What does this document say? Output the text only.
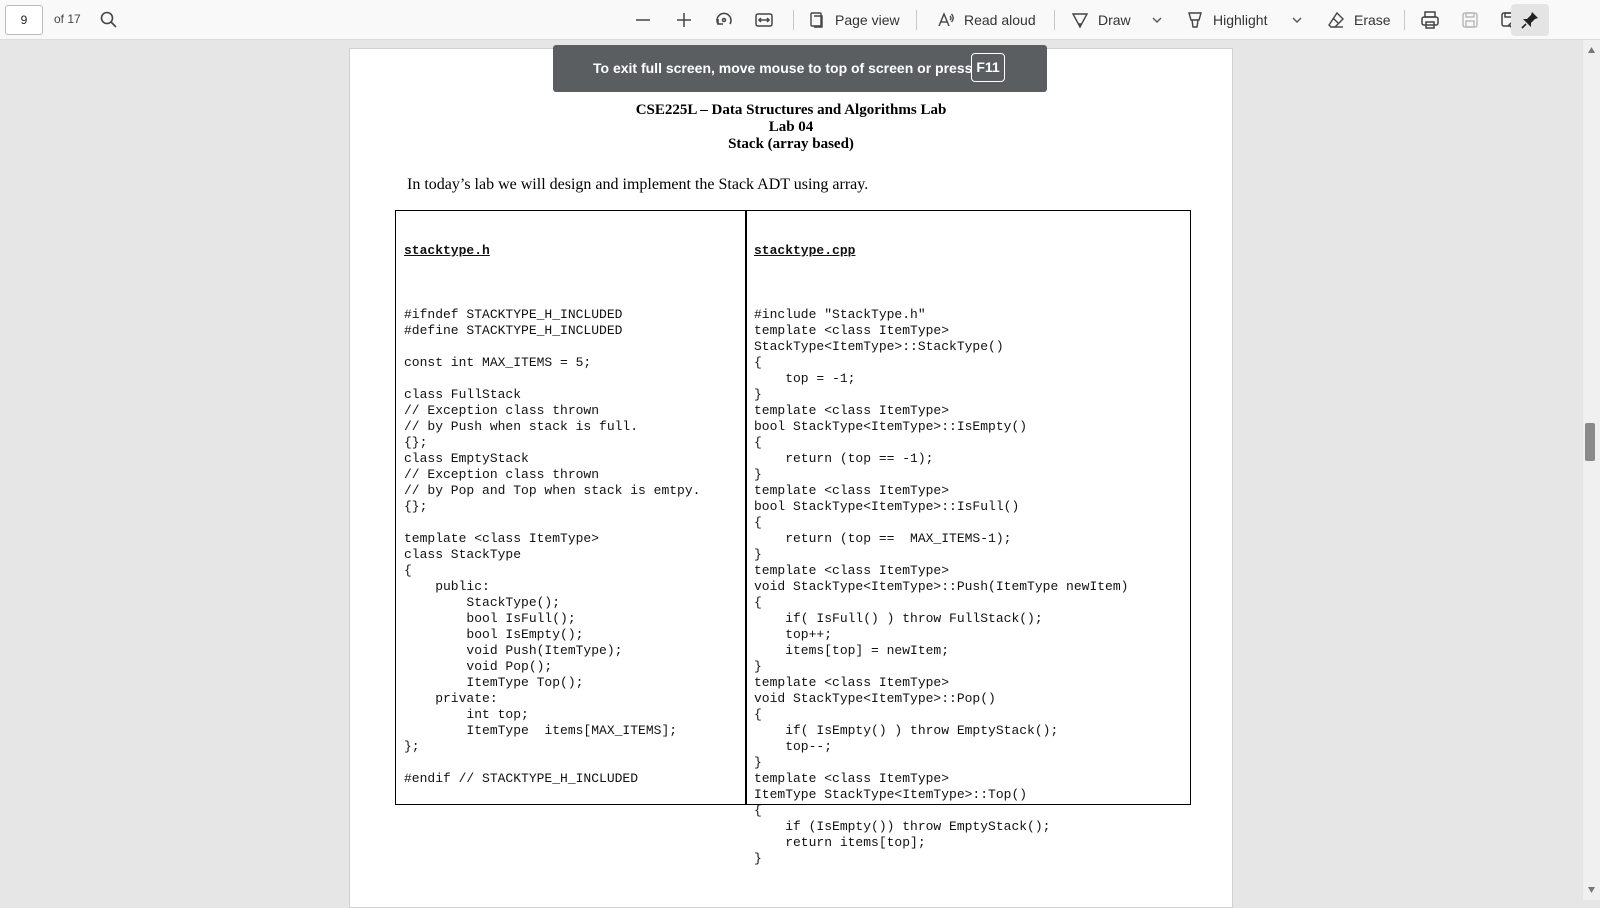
9
of 17	Page view	Read aloud	Draw	Highlight	Erase
CSE225L – Data Structures and Algorithms Lab
Lab 04
Stack (array based)
In today’s lab we will design and implement the Stack ADT using array.

stacktype.h

#ifndef STACKTYPE_H_INCLUDED
#define STACKTYPE_H_INCLUDED
const int MAX_ITEMS = 5;
class FullStack
// Exception class thrown
// by Push when stack is full.
{};
class EmptyStack
// Exception class thrown
// by Pop and Top when stack is emtpy.
{};
template <class ItemType>
class StackType
{
public:
StackType();
bool IsFull();
bool IsEmpty();
void Push(ItemType);
void Pop();
ItemType Top();
private:
int top;
ItemType  items[MAX_ITEMS];
};
#endif // STACKTYPE_H_INCLUDED

stacktype.cpp

#include "StackType.h"
template <class ItemType>
StackType<ItemType>::StackType()
{
top = -1;
}
template <class ItemType>
bool StackType<ItemType>::IsEmpty()
{
return (top == -1);
}
template <class ItemType>
bool StackType<ItemType>::IsFull()
{
return (top ==  MAX_ITEMS-1);
}
template <class ItemType>
void StackType<ItemType>::Push(ItemType newItem)
{
if( IsFull() ) throw FullStack();
top++;
items[top] = newItem;
}
template <class ItemType>
void StackType<ItemType>::Pop()
{
if( IsEmpty() ) throw EmptyStack();
top--;
}
template <class ItemType>
ItemType StackType<ItemType>::Top()
{
if (IsEmpty()) throw EmptyStack();
return items[top];
}
To exit full screen, move mouse to top of screen or press F11
